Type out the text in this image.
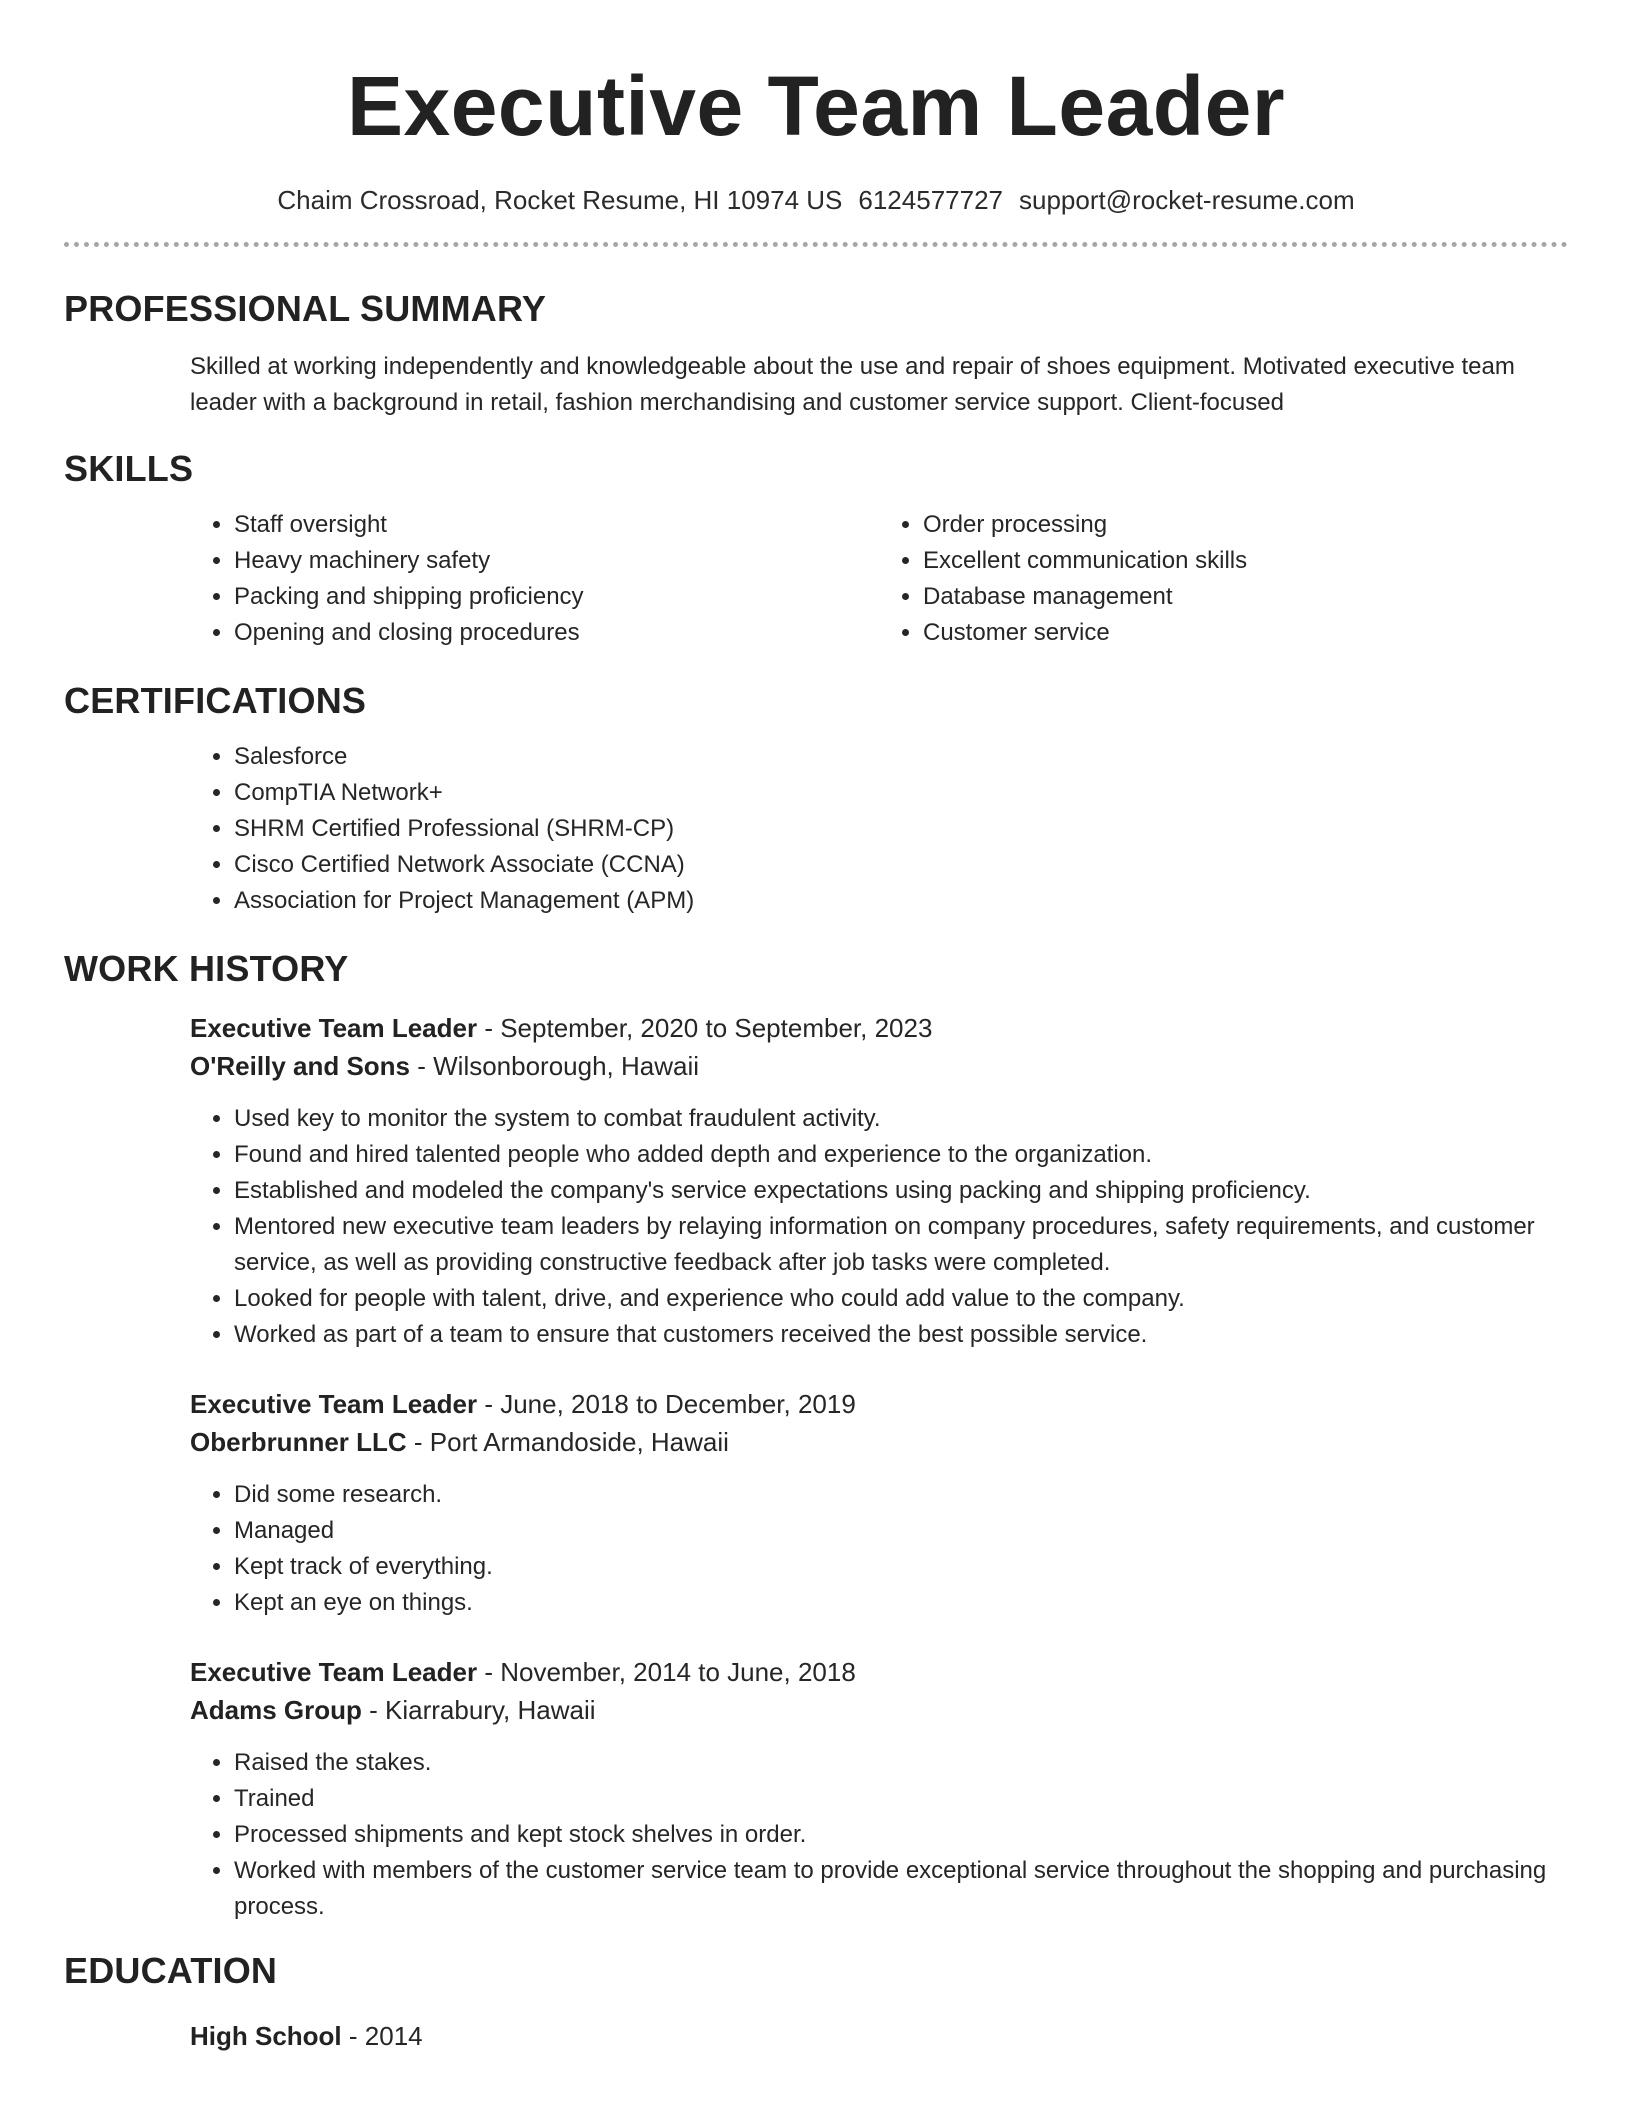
Executive Team Leader
Chaim Crossroad, Rocket Resume, HI 10974 US 6124577727 support@rocket-resume.com
PROFESSIONAL SUMMARY
Skilled at working independently and knowledgeable about the use and repair of shoes equipment. Motivated executive team leader with a background in retail, fashion merchandising and customer service support. Client-focused
SKILLS
• Staff oversight
• Heavy machinery safety
• Packing and shipping proficiency
• Opening and closing procedures
• Order processing
• Excellent communication skills
• Database management
• Customer service
CERTIFICATIONS
• Salesforce
• CompTIA Network+
• SHRM Certified Professional (SHRM-CP)
• Cisco Certified Network Associate (CCNA)
• Association for Project Management (APM)
WORK HISTORY
Executive Team Leader - September, 2020 to September, 2023
O'Reilly and Sons - Wilsonborough, Hawaii
• Used key to monitor the system to combat fraudulent activity.
• Found and hired talented people who added depth and experience to the organization.
• Established and modeled the company's service expectations using packing and shipping proficiency.
• Mentored new executive team leaders by relaying information on company procedures, safety requirements, and customer service, as well as providing constructive feedback after job tasks were completed.
• Looked for people with talent, drive, and experience who could add value to the company.
• Worked as part of a team to ensure that customers received the best possible service.
Executive Team Leader - June, 2018 to December, 2019
Oberbrunner LLC - Port Armandoside, Hawaii
• Did some research.
• Managed
• Kept track of everything.
• Kept an eye on things.
Executive Team Leader - November, 2014 to June, 2018
Adams Group - Kiarrabury, Hawaii
• Raised the stakes.
• Trained
• Processed shipments and kept stock shelves in order.
• Worked with members of the customer service team to provide exceptional service throughout the shopping and purchasing process.
EDUCATION
High School - 2014
